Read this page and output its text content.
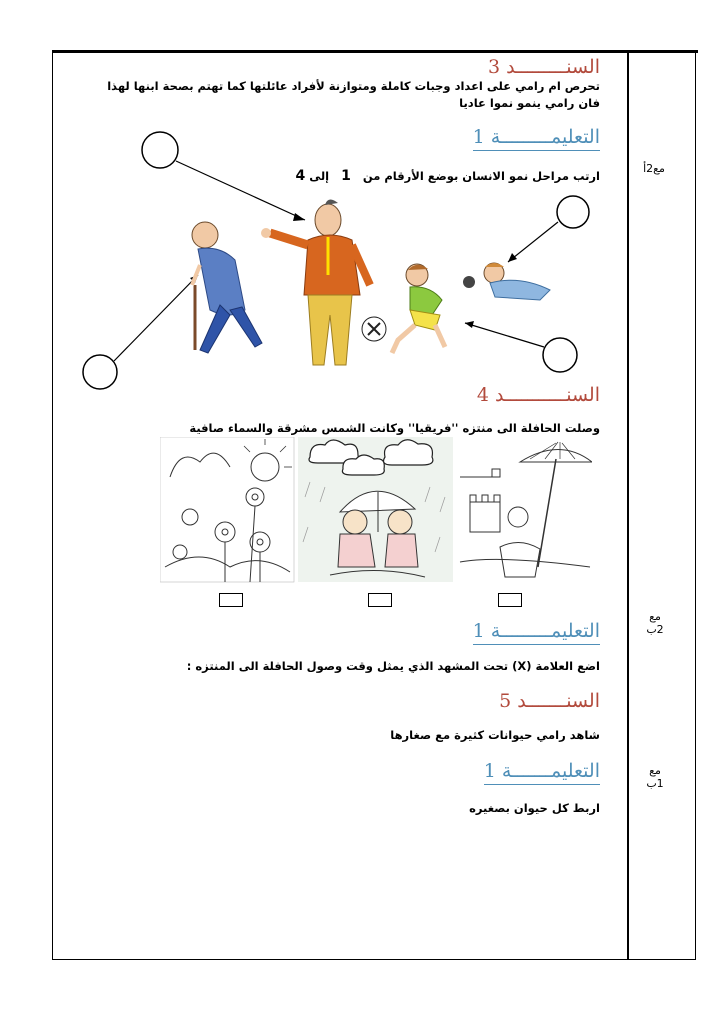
مع2أ
مع
2ب
مع
1ب
السنـــــــــد 3
تحرص ام رامي على اعداد وجبات كاملة ومتوازنة لأفراد عائلتها كما تهتم بصحة ابنها لهذا فان رامي ينمو نموا عاديا
التعليمـــــــــة 1
ارتب مراحل نمو الانسان بوضع الأرقام من 1 إلى 4
السنـــــــــــد 4
وصلت الحافلة الى منتزه ''فريقيا'' وكانت الشمس مشرقة والسماء صافية
التعليمـــــــــة 1
اضع العلامة (X) تحت المشهد الذي يمثل وقت وصول الحافلة الى المنتزه :
السنـــــــد 5
شاهد رامي حيوانات كثيرة مع صغارها
التعليمـــــــة 1
اربط كل حيوان بصغيره
